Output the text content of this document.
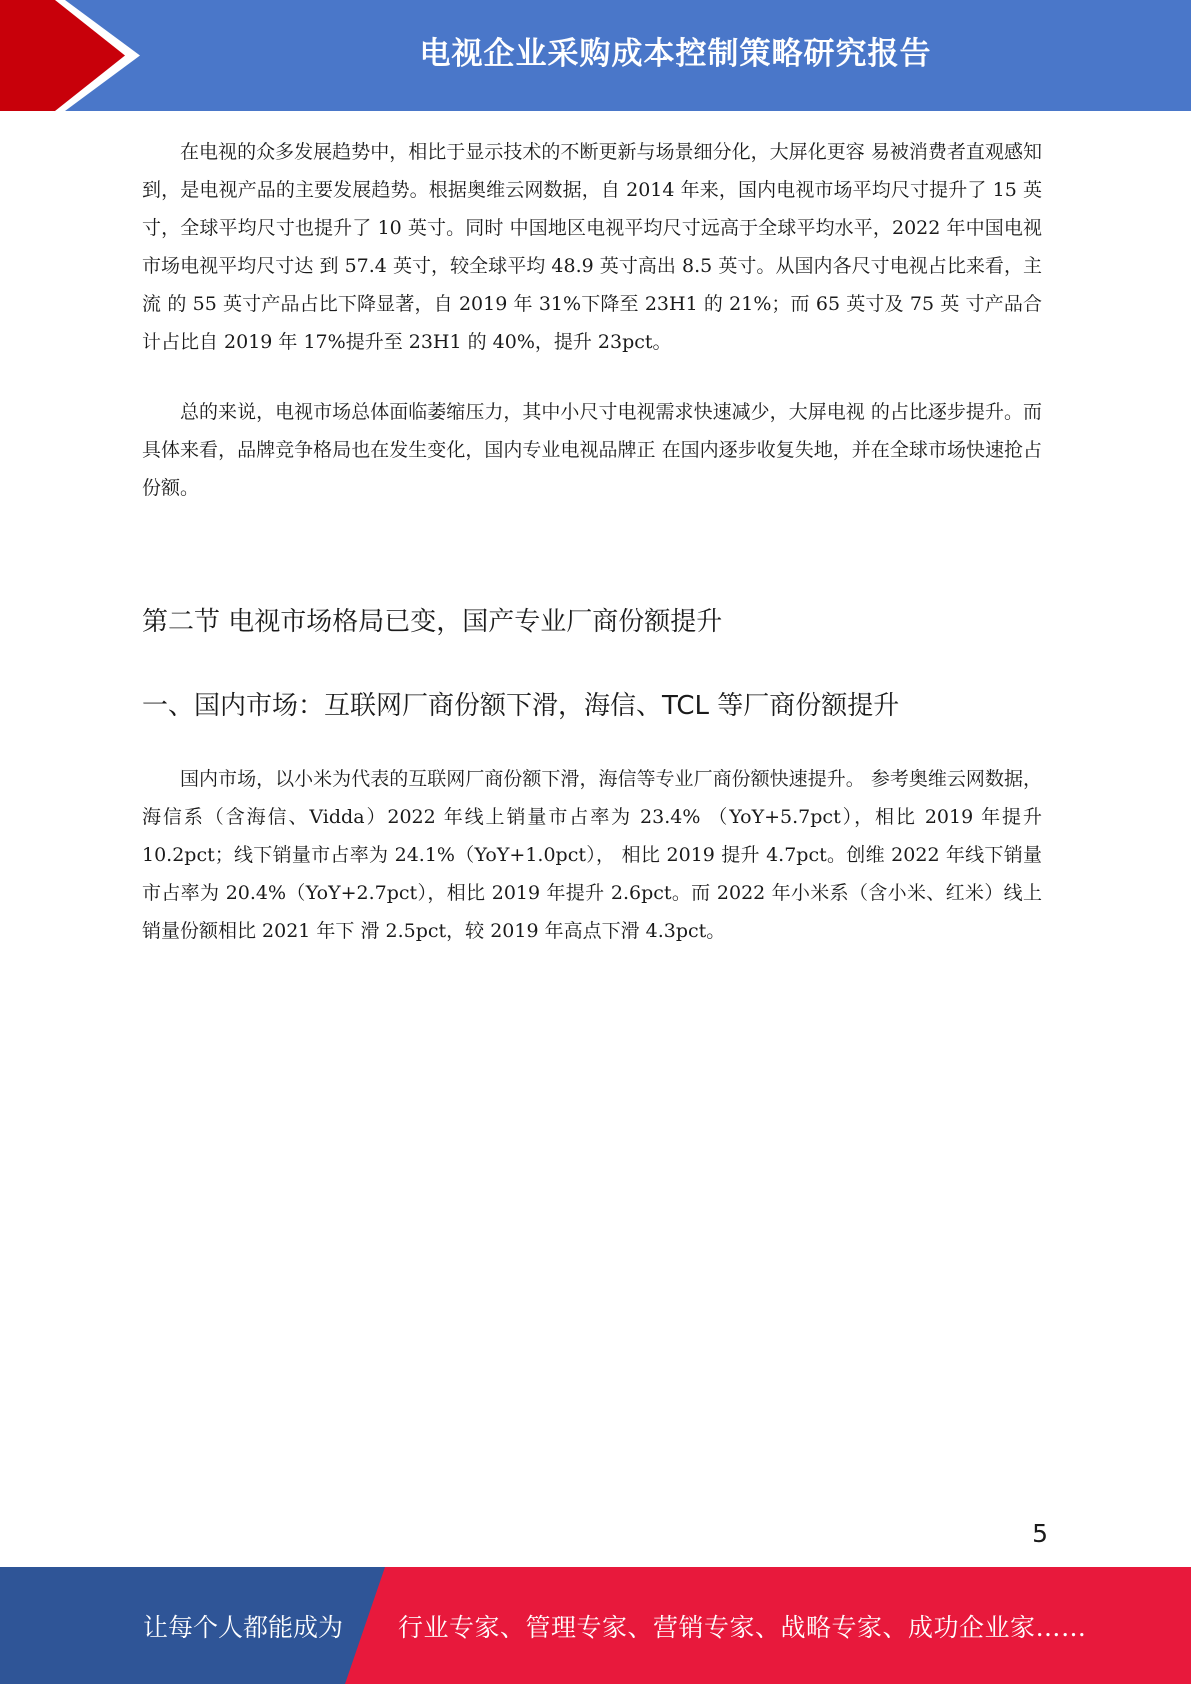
电视企业采购成本控制策略研究报告

在电视的众多发展趋势中，相比于显示技术的不断更新与场景细分化，大屏化更容 易被消费者直观感知到，是电视产品的主要发展趋势。根据奥维云网数据，自 2014 年来，国内电视市场平均尺寸提升了 15 英寸，全球平均尺寸也提升了 10 英寸。同时 中国地区电视平均尺寸远高于全球平均水平，2022 年中国电视市场电视平均尺寸达 到 57.4 英寸，较全球平均 48.9 英寸高出 8.5 英寸。从国内各尺寸电视占比来看，主流 的 55 英寸产品占比下降显著，自 2019 年 31%下降至 23H1 的 21%；而 65 英寸及 75 英 寸产品合计占比自 2019 年 17%提升至 23H1 的 40%，提升 23pct。

总的来说，电视市场总体面临萎缩压力，其中小尺寸电视需求快速减少，大屏电视 的占比逐步提升。而具体来看，品牌竞争格局也在发生变化，国内专业电视品牌正 在国内逐步收复失地，并在全球市场快速抢占份额。

第二节 电视市场格局已变，国产专业厂商份额提升
一、国内市场：互联网厂商份额下滑，海信、TCL 等厂商份额提升

国内市场，以小米为代表的互联网厂商份额下滑，海信等专业厂商份额快速提升。 参考奥维云网数据，海信系（含海信、Vidda）2022 年线上销量市占率为 23.4% （YoY+5.7pct），相比 2019 年提升 10.2pct；线下销量市占率为 24.1%（YoY+1.0pct）， 相比 2019 提升 4.7pct。创维 2022 年线下销量市占率为 20.4%（YoY+2.7pct），相比 2019 年提升 2.6pct。而 2022 年小米系（含小米、红米）线上销量份额相比 2021 年下 滑 2.5pct，较 2019 年高点下滑 4.3pct。

5
让每个人都能成为 行业专家、管理专家、营销专家、战略专家、成功企业家……
